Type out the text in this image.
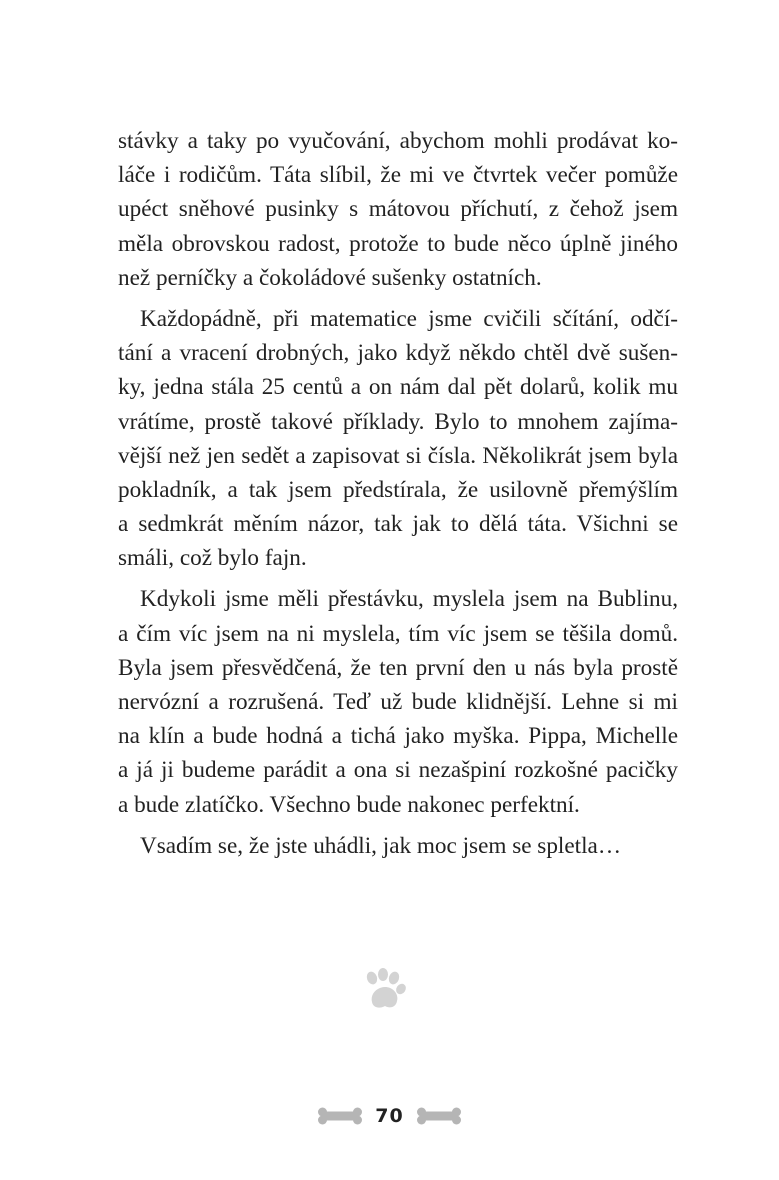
stávky a taky po vyučování, abychom mohli prodávat ko-
láče i rodičům. Táta slíbil, že mi ve čtvrtek večer pomůže
upéct sněhové pusinky s mátovou příchutí, z čehož jsem
měla obrovskou radost, protože to bude něco úplně jiného
než perníčky a čokoládové sušenky ostatních.
Každopádně, při matematice jsme cvičili sčítání, odčí-
tání a vracení drobných, jako když někdo chtěl dvě sušen-
ky, jedna stála 25 centů a on nám dal pět dolarů, kolik mu
vrátíme, prostě takové příklady. Bylo to mnohem zajíma-
vější než jen sedět a zapisovat si čísla. Několikrát jsem byla
pokladník, a tak jsem předstírala, že usilovně přemýšlím
a sedmkrát měním názor, tak jak to dělá táta. Všichni se
smáli, což bylo fajn.
Kdykoli jsme měli přestávku, myslela jsem na Bublinu,
a čím víc jsem na ni myslela, tím víc jsem se těšila domů.
Byla jsem přesvědčená, že ten první den u nás byla prostě
nervózní a rozrušená. Teď už bude klidnější. Lehne si mi
na klín a bude hodná a tichá jako myška. Pippa, Michelle
a já ji budeme parádit a ona si nezašpiní rozkošné pacičky
a bude zlatíčko. Všechno bude nakonec perfektní.
Vsadím se, že jste uhádli, jak moc jsem se spletla…
70
